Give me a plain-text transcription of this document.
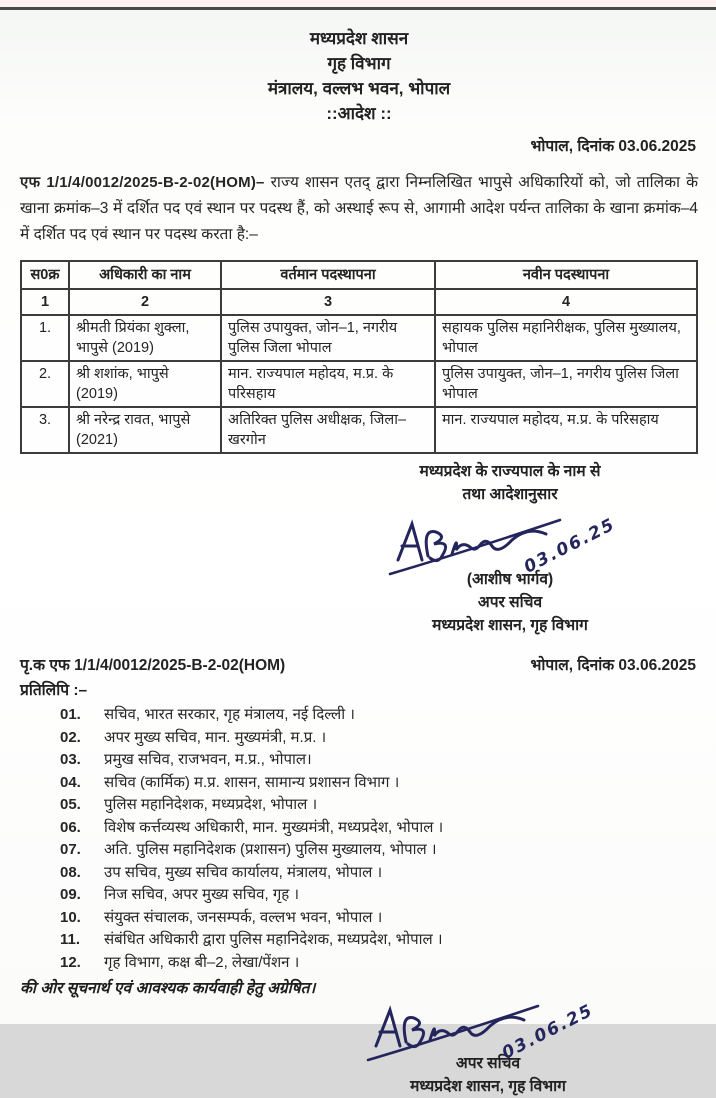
मध्यप्रदेश शासन
गृह विभाग
मंत्रालय, वल्लभ भवन, भोपाल
::आदेश ::
भोपाल, दिनांक 03.06.2025
एफ 1/1/4/0012/2025-B-2-02(HOM)– राज्य शासन एतद् द्वारा निम्नलिखित भापुसे अधिकारियों को, जो तालिका के खाना क्रमांक–3 में दर्शित पद एवं स्थान पर पदस्थ हैं, को अस्थाई रूप से, आगामी आदेश पर्यन्त तालिका के खाना क्रमांक–4 में दर्शित पद एवं स्थान पर पदस्थ करता है:–
स0क्र	अधिकारी का नाम	वर्तमान पदस्थापना	नवीन पदस्थापना
1	2	3	4
1.	श्रीमती प्रियंका शुक्ला, भापुसे (2019)	पुलिस उपायुक्त, जोन–1, नगरीय पुलिस जिला भोपाल	सहायक पुलिस महानिरीक्षक, पुलिस मुख्यालय, भोपाल
2.	श्री शशांक, भापुसे (2019)	मान. राज्यपाल महोदय, म.प्र. के परिसहाय	पुलिस उपायुक्त, जोन–1, नगरीय पुलिस जिला भोपाल
3.	श्री नरेन्द्र रावत, भापुसे (2021)	अतिरिक्त पुलिस अधीक्षक, जिला–खरगोन	मान. राज्यपाल महोदय, म.प्र. के परिसहाय
मध्यप्रदेश के राज्यपाल के नाम से
तथा आदेशानुसार
03.06.25
(आशीष भार्गव)
अपर सचिव
मध्यप्रदेश शासन, गृह विभाग
पृ.क एफ 1/1/4/0012/2025-B-2-02(HOM)	भोपाल, दिनांक 03.06.2025
प्रतिलिपि :–
01.	सचिव, भारत सरकार, गृह मंत्रालय, नई दिल्ली ।
02.	अपर मुख्य सचिव, मान. मुख्यमंत्री, म.प्र. ।
03.	प्रमुख सचिव, राजभवन, म.प्र., भोपाल।
04.	सचिव (कार्मिक) म.प्र. शासन, सामान्य प्रशासन विभाग ।
05.	पुलिस महानिदेशक, मध्यप्रदेश, भोपाल ।
06.	विशेष कर्त्तव्यस्थ अधिकारी, मान. मुख्यमंत्री, मध्यप्रदेश, भोपाल ।
07.	अति. पुलिस महानिदेशक (प्रशासन) पुलिस मुख्यालय, भोपाल ।
08.	उप सचिव, मुख्य सचिव कार्यालय, मंत्रालय, भोपाल ।
09.	निज सचिव, अपर मुख्य सचिव, गृह ।
10.	संयुक्त संचालक, जनसम्पर्क, वल्लभ भवन, भोपाल ।
11.	संबंधित अधिकारी द्वारा पुलिस महानिदेशक, मध्यप्रदेश, भोपाल ।
12.	गृह विभाग, कक्ष बी–2, लेखा/पेंशन ।
की ओर सूचनार्थ एवं आवश्यक कार्यवाही हेतु अग्रेषित।
03.06.25
अपर सचिव
मध्यप्रदेश शासन, गृह विभाग
